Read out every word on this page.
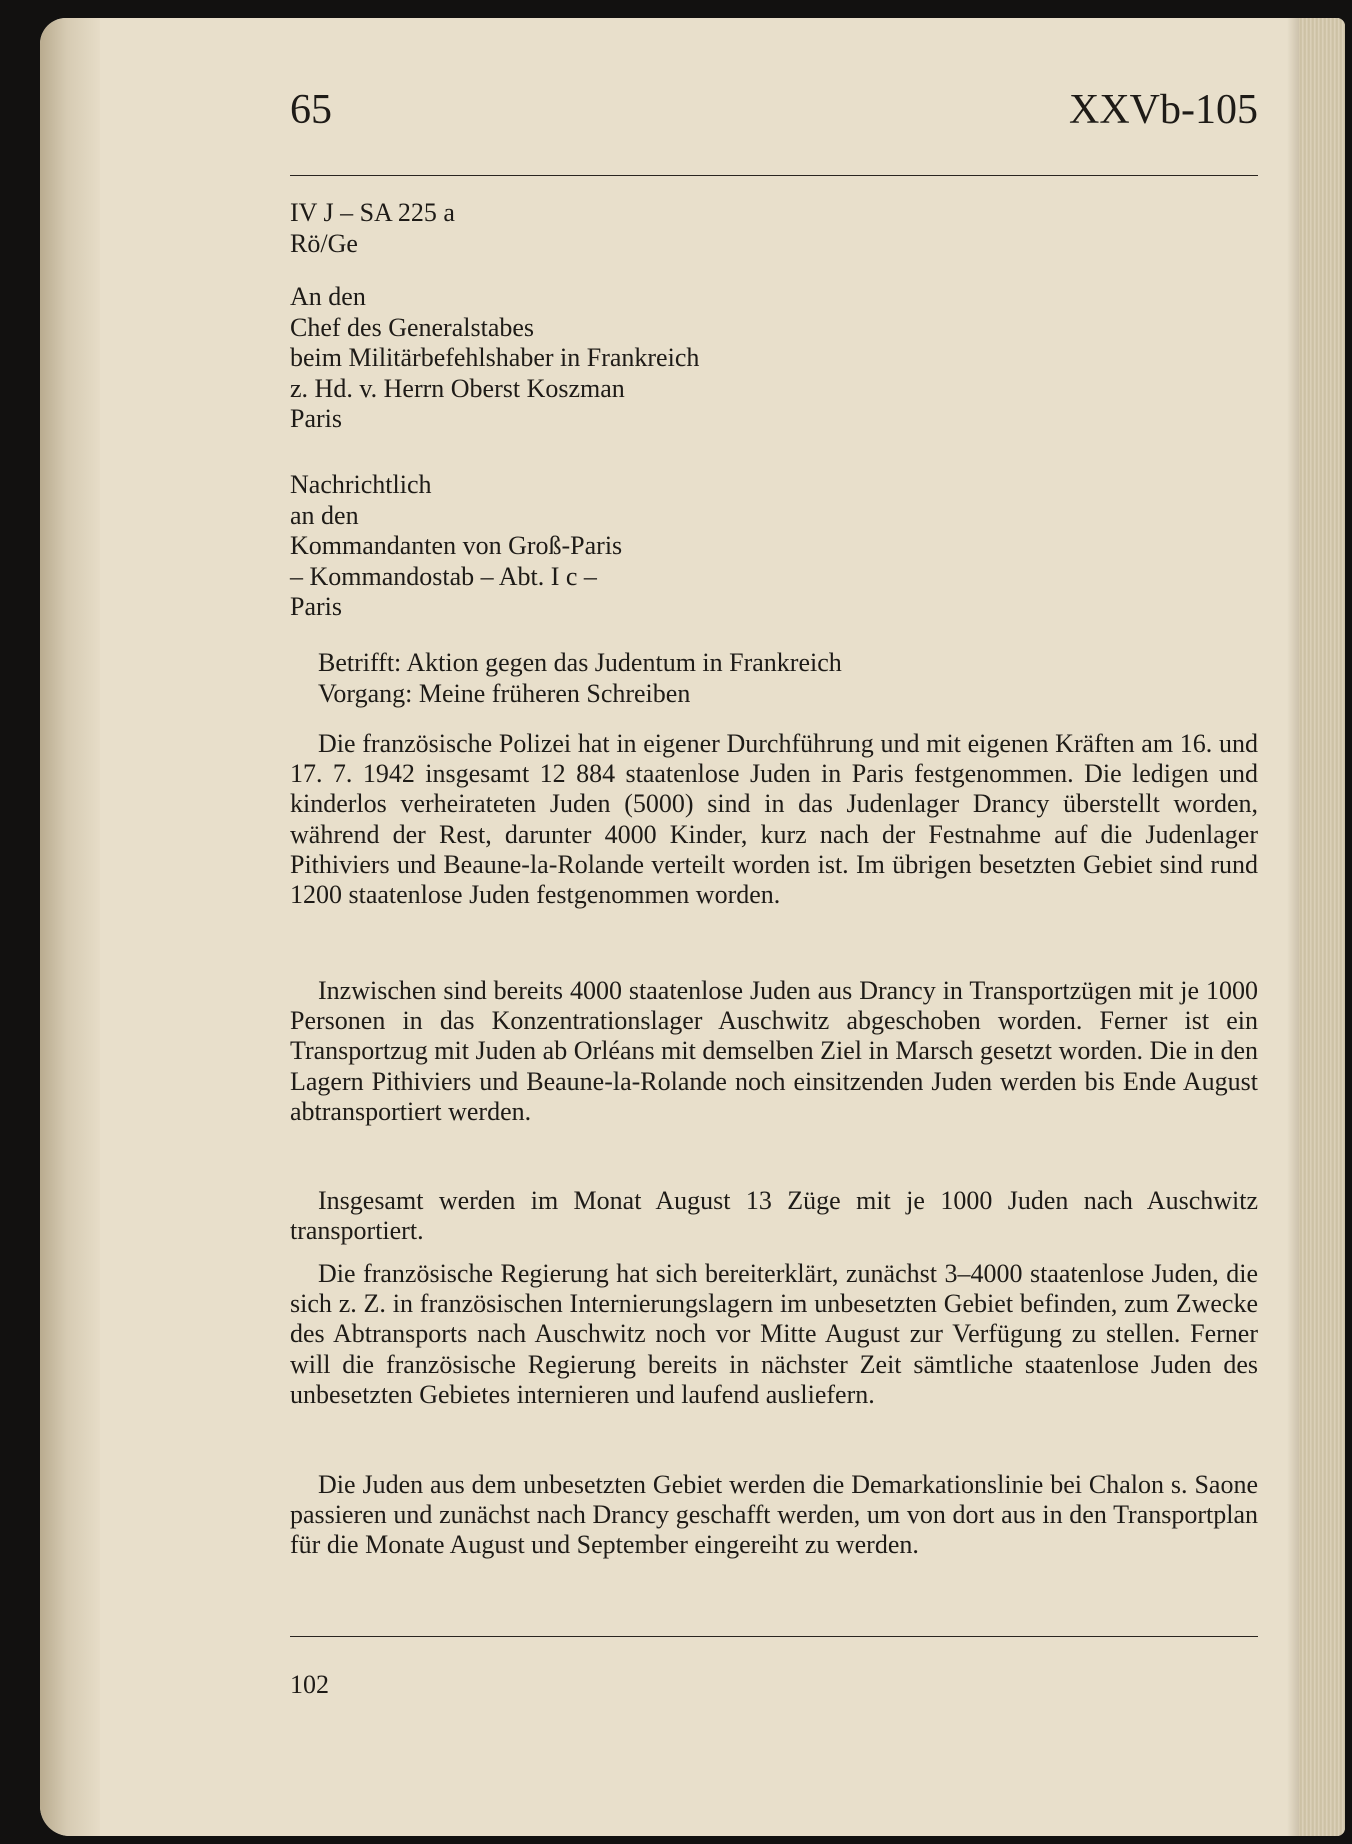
65	XXVb-105
IV J – SA 225 a
Rö/Ge
An den
Chef des Generalstabes
beim Militärbefehlshaber in Frankreich
z. Hd. v. Herrn Oberst Koszman
Paris
Nachrichtlich
an den
Kommandanten von Groß-Paris
– Kommandostab – Abt. I c –
Paris
Betrifft: Aktion gegen das Judentum in Frankreich
Vorgang: Meine früheren Schreiben

Die französische Polizei hat in eigener Durchführung und mit eigenen Kräften am 16. und 17. 7. 1942 insgesamt 12 884 staatenlose Juden in Paris festgenommen. Die ledigen und kinderlos verheirateten Juden (5000) sind in das Judenlager Drancy überstellt worden, während der Rest, darunter 4000 Kinder, kurz nach der Festnahme auf die Judenlager Pithiviers und Beaune-la-Rolande verteilt worden ist. Im übrigen besetzten Gebiet sind rund 1200 staatenlose Juden festgenommen worden.

Inzwischen sind bereits 4000 staatenlose Juden aus Drancy in Transportzügen mit je 1000 Personen in das Konzentrationslager Auschwitz abgeschoben worden. Ferner ist ein Transportzug mit Juden ab Orléans mit demselben Ziel in Marsch gesetzt worden. Die in den Lagern Pithiviers und Beaune-la-Rolande noch einsitzenden Juden werden bis Ende August abtransportiert werden.

Insgesamt werden im Monat August 13 Züge mit je 1000 Juden nach Auschwitz transportiert.

Die französische Regierung hat sich bereiterklärt, zunächst 3–4000 staatenlose Juden, die sich z. Z. in französischen Internierungslagern im unbesetzten Gebiet befinden, zum Zwecke des Abtransports nach Auschwitz noch vor Mitte August zur Verfügung zu stellen. Ferner will die französische Regierung bereits in nächster Zeit sämtliche staatenlose Juden des unbesetzten Gebietes internieren und laufend ausliefern.

Die Juden aus dem unbesetzten Gebiet werden die Demarkationslinie bei Chalon s. Saone passieren und zunächst nach Drancy geschafft werden, um von dort aus in den Transportplan für die Monate August und September eingereiht zu werden.

102
